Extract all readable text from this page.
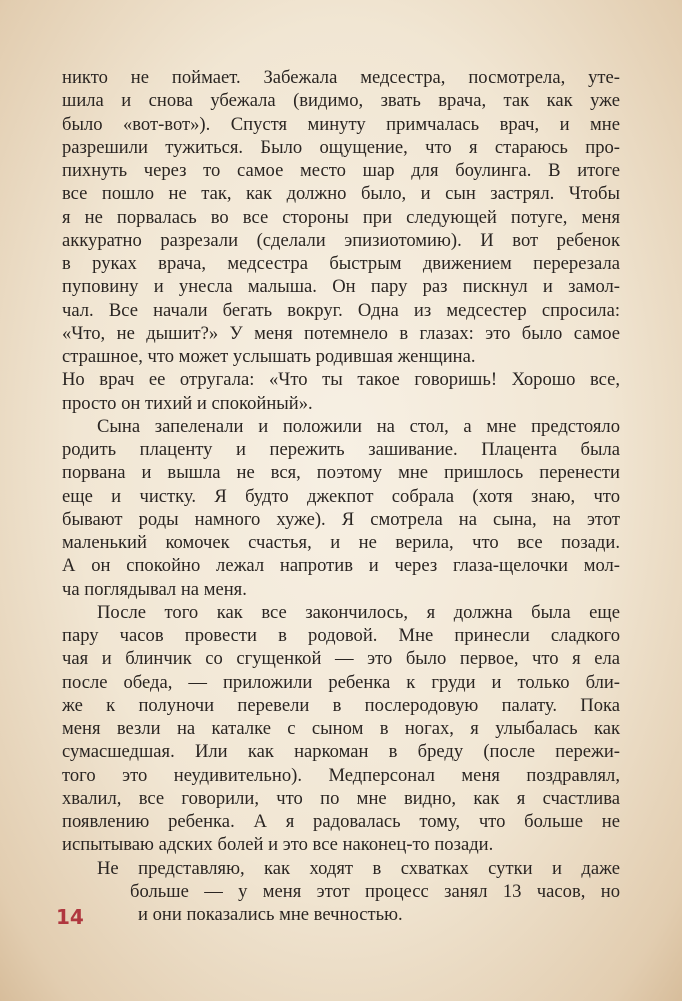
никто не поймает. Забежала медсестра, посмотрела, уте-
шила и снова убежала (видимо, звать врача, так как уже
было «вот-вот»). Спустя минуту примчалась врач, и мне
разрешили тужиться. Было ощущение, что я стараюсь про-
пихнуть через то самое место шар для боулинга. В итоге
все пошло не так, как должно было, и сын застрял. Чтобы
я не порвалась во все стороны при следующей потуге, меня
аккуратно разрезали (сделали эпизиотомию). И вот ребенок
в руках врача, медсестра быстрым движением перерезала
пуповину и унесла малыша. Он пару раз пискнул и замол-
чал. Все начали бегать вокруг. Одна из медсестер спросила:
«Что, не дышит?» У меня потемнело в глазах: это было самое
страшное, что может услышать родившая женщина.
Но врач ее отругала: «Что ты такое говоришь! Хорошо все,
просто он тихий и спокойный».
Сына запеленали и положили на стол, а мне предстояло
родить плаценту и пережить зашивание. Плацента была
порвана и вышла не вся, поэтому мне пришлось перенести
еще и чистку. Я будто джекпот собрала (хотя знаю, что
бывают роды намного хуже). Я смотрела на сына, на этот
маленький комочек счастья, и не верила, что все позади.
А он спокойно лежал напротив и через глаза-щелочки мол-
ча поглядывал на меня.
После того как все закончилось, я должна была еще
пару часов провести в родовой. Мне принесли сладкого
чая и блинчик со сгущенкой — это было первое, что я ела
после обеда, — приложили ребенка к груди и только бли-
же к полуночи перевели в послеродовую палату. Пока
меня везли на каталке с сыном в ногах, я улыбалась как
сумасшедшая. Или как наркоман в бреду (после пережи-
того это неудивительно). Медперсонал меня поздравлял,
хвалил, все говорили, что по мне видно, как я счастлива
появлению ребенка. А я радовалась тому, что больше не
испытываю адских болей и это все наконец-то позади.
Не представляю, как ходят в схватках сутки и даже
больше — у меня этот процесс занял 13 часов, но
и они показались мне вечностью.
14
